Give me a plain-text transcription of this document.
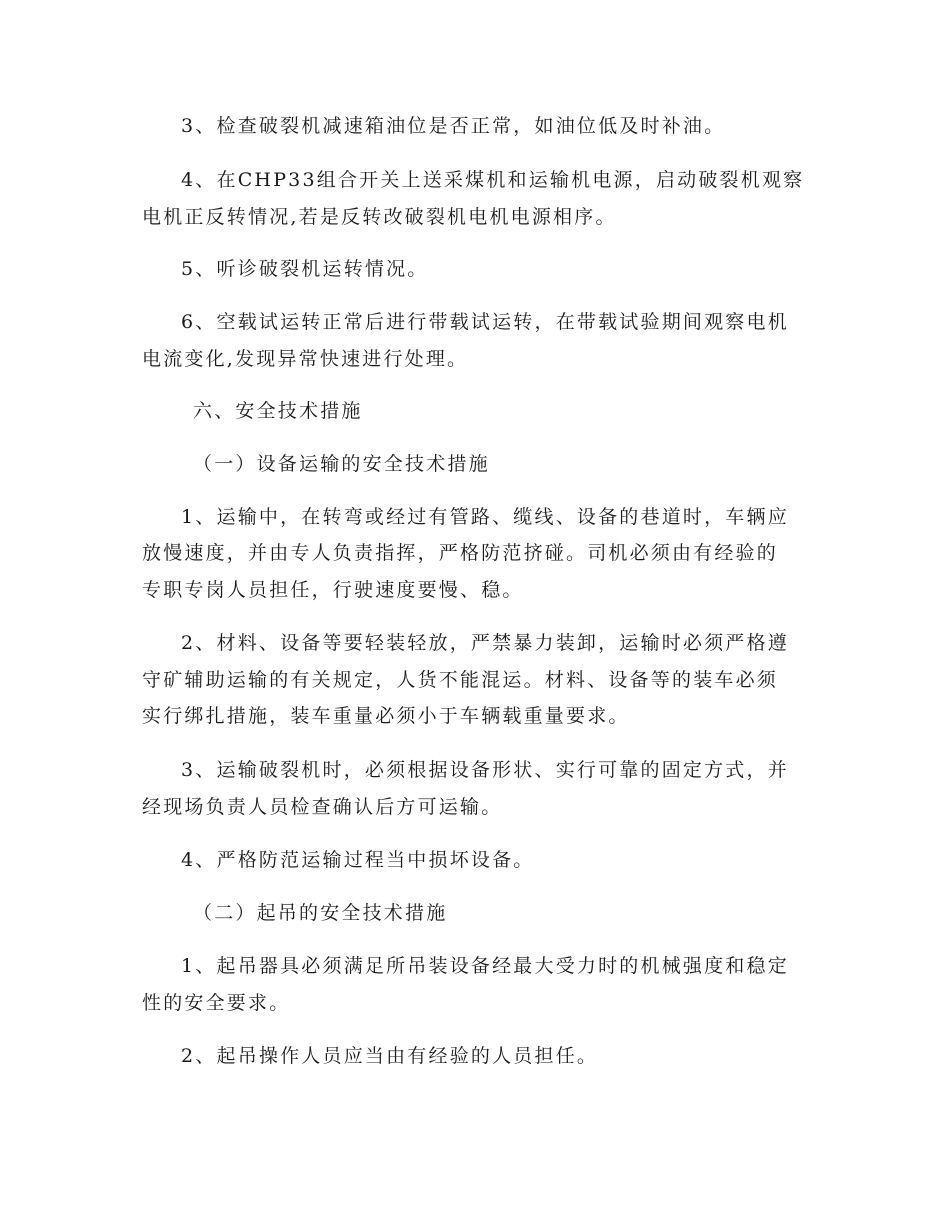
3、检查破裂机减速箱油位是否正常，如油位低及时补油。
4、在CHP33组合开关上送采煤机和运输机电源，启动破裂机观察
电机正反转情况,若是反转改破裂机电机电源相序。
5、听诊破裂机运转情况。
6、空载试运转正常后进行带载试运转，在带载试验期间观察电机
电流变化,发现异常快速进行处理。
六、安全技术措施
（一）设备运输的安全技术措施
1、运输中，在转弯或经过有管路、缆线、设备的巷道时，车辆应
放慢速度，并由专人负责指挥，严格防范挤碰。司机必须由有经验的
专职专岗人员担任，行驶速度要慢、稳。
2、材料、设备等要轻装轻放，严禁暴力装卸，运输时必须严格遵
守矿辅助运输的有关规定，人货不能混运。材料、设备等的装车必须
实行绑扎措施，装车重量必须小于车辆载重量要求。
3、运输破裂机时，必须根据设备形状、实行可靠的固定方式，并
经现场负责人员检查确认后方可运输。
4、严格防范运输过程当中损坏设备。
（二）起吊的安全技术措施
1、起吊器具必须满足所吊装设备经最大受力时的机械强度和稳定
性的安全要求。
2、起吊操作人员应当由有经验的人员担任。
